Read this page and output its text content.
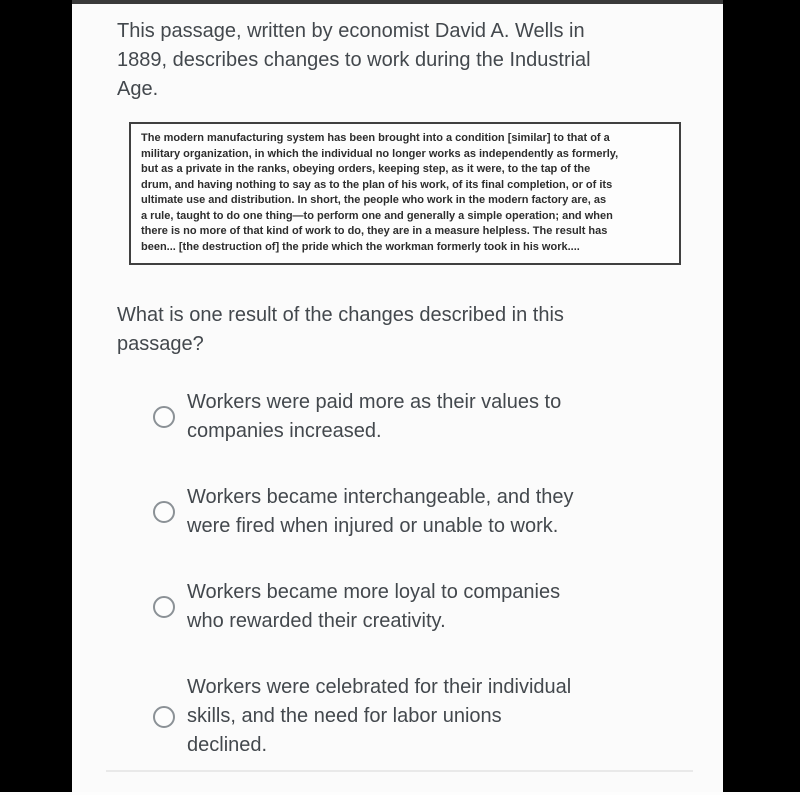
This passage, written by economist David A. Wells in
1889, describes changes to work during the Industrial
Age.
The modern manufacturing system has been brought into a condition [similar] to that of a
military organization, in which the individual no longer works as independently as formerly,
but as a private in the ranks, obeying orders, keeping step, as it were, to the tap of the
drum, and having nothing to say as to the plan of his work, of its final completion, or of its
ultimate use and distribution. In short, the people who work in the modern factory are, as
a rule, taught to do one thing—to perform one and generally a simple operation; and when
there is no more of that kind of work to do, they are in a measure helpless. The result has
been... [the destruction of] the pride which the workman formerly took in his work....
What is one result of the changes described in this
passage?
Workers were paid more as their values to
companies increased.
Workers became interchangeable, and they
were fired when injured or unable to work.
Workers became more loyal to companies
who rewarded their creativity.
Workers were celebrated for their individual
skills, and the need for labor unions
declined.
